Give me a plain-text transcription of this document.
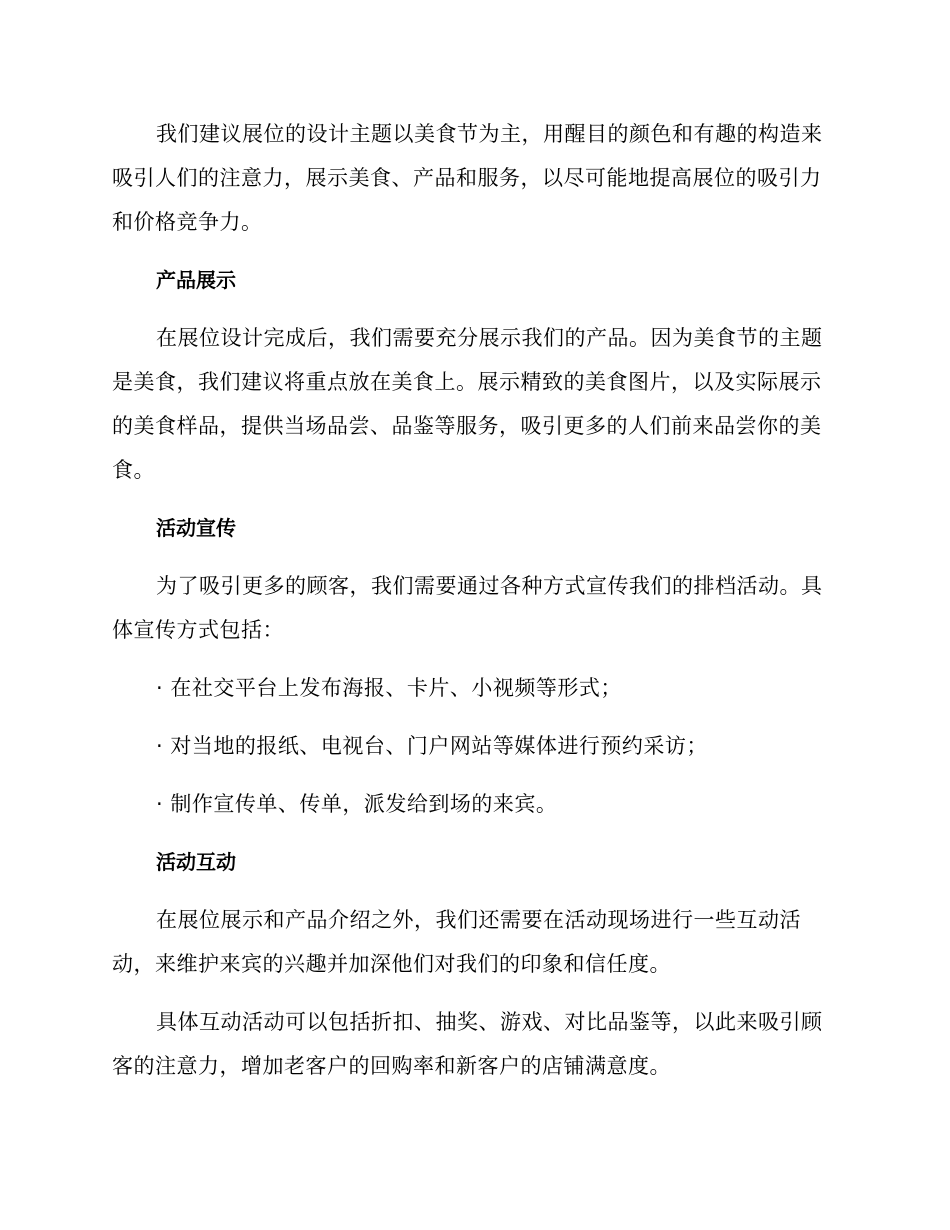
我们建议展位的设计主题以美食节为主，用醒目的颜色和有趣的构造来
吸引人们的注意力，展示美食、产品和服务，以尽可能地提高展位的吸引力
和价格竞争力。

产品展示

在展位设计完成后，我们需要充分展示我们的产品。因为美食节的主题
是美食，我们建议将重点放在美食上。展示精致的美食图片，以及实际展示
的美食样品，提供当场品尝、品鉴等服务，吸引更多的人们前来品尝你的美
食。

活动宣传

为了吸引更多的顾客，我们需要通过各种方式宣传我们的排档活动。具
体宣传方式包括：

· 在社交平台上发布海报、卡片、小视频等形式；
· 对当地的报纸、电视台、门户网站等媒体进行预约采访；
· 制作宣传单、传单，派发给到场的来宾。
活动互动

在展位展示和产品介绍之外，我们还需要在活动现场进行一些互动活
动，来维护来宾的兴趣并加深他们对我们的印象和信任度。

具体互动活动可以包括折扣、抽奖、游戏、对比品鉴等，以此来吸引顾
客的注意力，增加老客户的回购率和新客户的店铺满意度。
